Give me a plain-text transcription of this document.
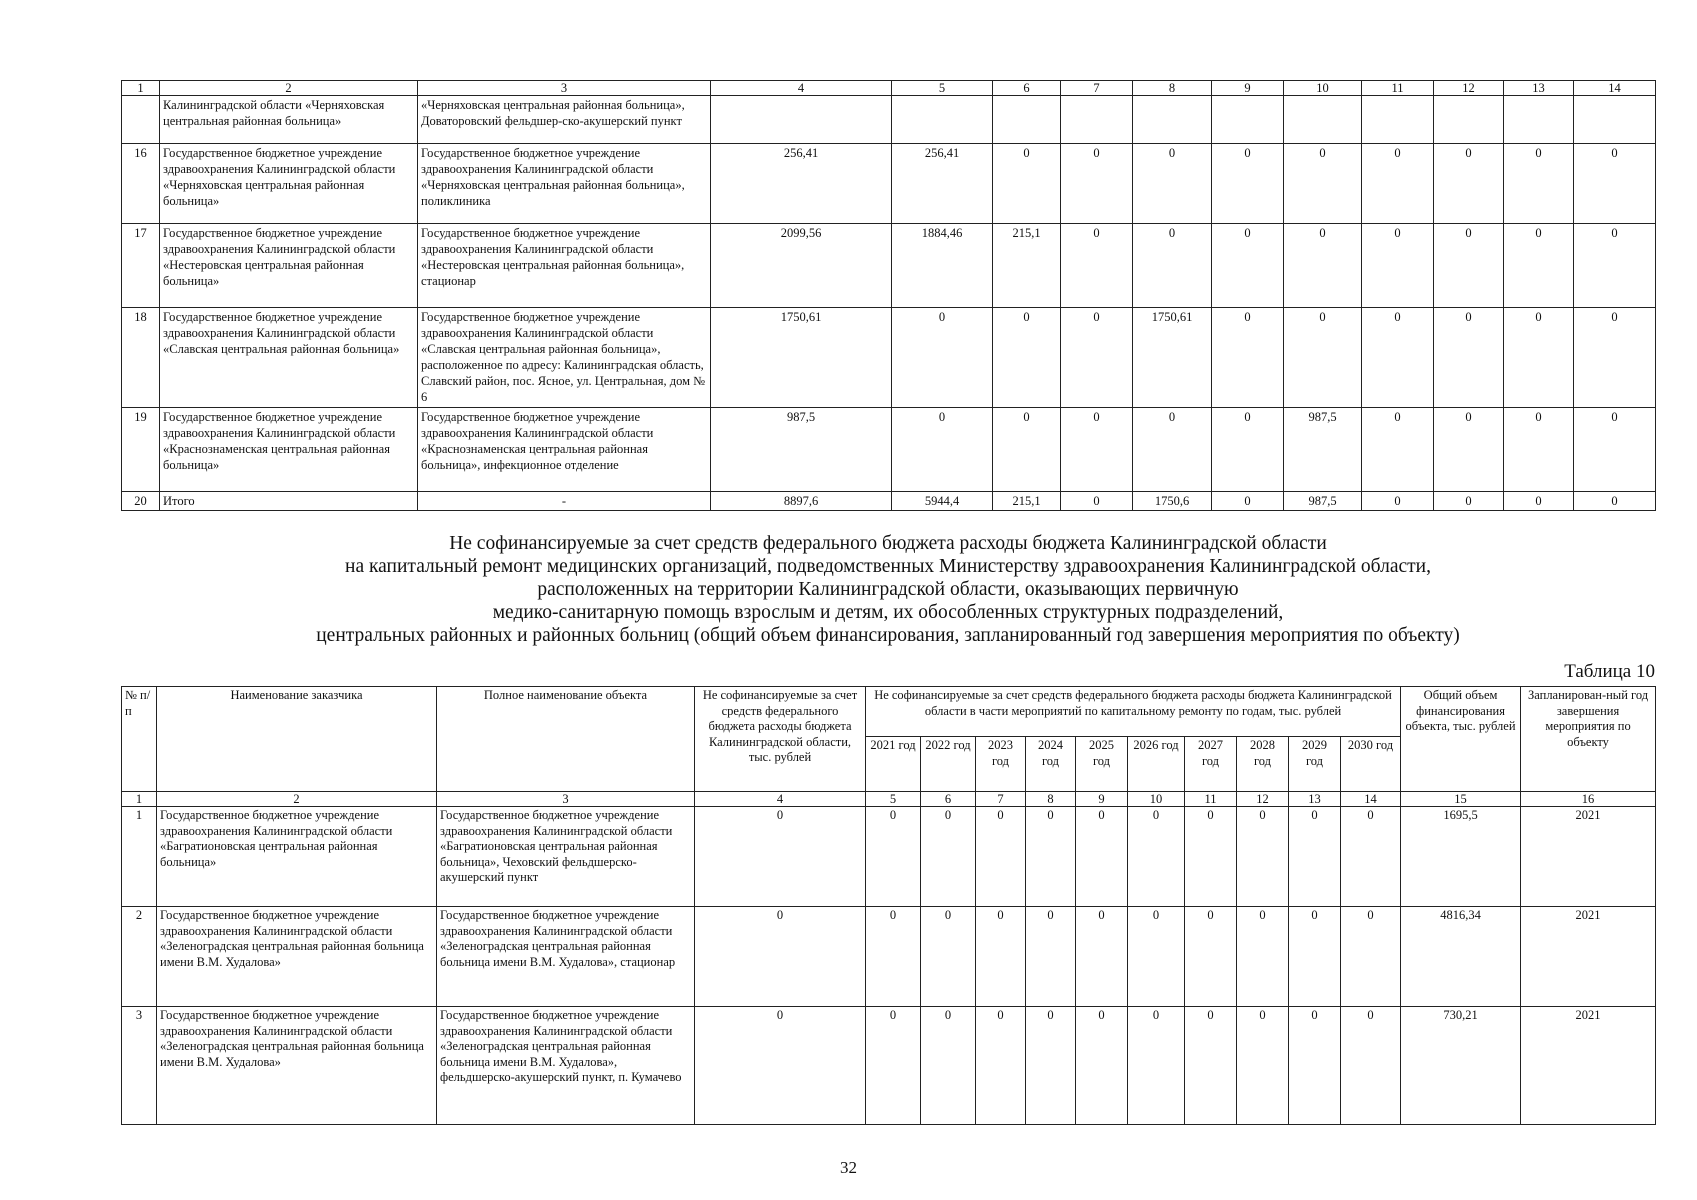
1	2	3	4	5	6	7	8	9	10	11	12	13	14
	Калининградской области «Черняховская центральная районная больница»	«Черняховская центральная районная больница», Доватоpовский фельдшер-ско-акушерский пункт											
16	Государственное бюджетное учреждение здравоохранения Калининградской области «Черняховская центральная районная больница»	Государственное бюджетное учреждение здравоохранения Калининградской области «Черняховская центральная районная больница», поликлиника	256,41	256,41	0	0	0	0	0	0	0	0	0
17	Государственное бюджетное учреждение здравоохранения Калининградской области «Нестеровская центральная районная больница»	Государственное бюджетное учреждение здравоохранения Калининградской области «Нестеровская центральная районная больница», стационар	2099,56	1884,46	215,1	0	0	0	0	0	0	0	0
18	Государственное бюджетное учреждение здравоохранения Калининградской области «Славская центральная районная больница»	Государственное бюджетное учреждение здравоохранения Калининградской области «Славская центральная районная больница», расположенное по адресу: Калининградская область, Славский район, пос. Ясное, ул. Центральная, дом № 6	1750,61	0	0	0	1750,61	0	0	0	0	0	0
19	Государственное бюджетное учреждение здравоохранения Калининградской области «Краснознаменская центральная районная больница»	Государственное бюджетное учреждение здравоохранения Калининградской области «Краснознаменская центральная районная больница», инфекционное отделение	987,5	0	0	0	0	0	987,5	0	0	0	0
20	Итого	-	8897,6	5944,4	215,1	0	1750,6	0	987,5	0	0	0	0
Не софинансируемые за счет средств федерального бюджета расходы бюджета Калининградской области
на капитальный ремонт медицинских организаций, подведомственных Министерству здравоохранения Калининградской области,
расположенных на территории Калининградской области, оказывающих первичную
медико-санитарную помощь взрослым и детям, их обособленных структурных подразделений,
центральных районных и районных больниц (общий объем финансирования, запланированный год завершения мероприятия по объекту)
Таблица 10
№ п/п	Наименование заказчика	Полное наименование объекта	Не софинансируемые за счет средств федерального бюджета расходы бюджета Калининградской области, тыс. рублей	Не софинансируемые за счет средств федерального бюджета расходы бюджета Калининградской области в части мероприятий по капитальному ремонту по годам, тыс. рублей										Общий объем финансирования объекта, тыс. рублей	Запланирован-ный год завершения мероприятия по объекту
				2021 год	2022 год	2023 год	2024 год	2025 год	2026 год	2027 год	2028 год	2029 год	2030 год		
1	2	3	4	5	6	7	8	9	10	11	12	13	14	15	16
1	Государственное бюджетное учреждение здравоохранения Калининградской области «Багратионовская центральная районная больница»	Государственное бюджетное учреждение здравоохранения Калининградской области «Багратионовская центральная районная больница», Чеховский фельдшерско-акушерский пункт	0	0	0	0	0	0	0	0	0	0	0	1695,5	2021
2	Государственное бюджетное учреждение здравоохранения Калининградской области «Зеленоградская центральная районная больница имени В.М. Худалова»	Государственное бюджетное учреждение здравоохранения Калининградской области «Зеленоградская центральная районная больница имени В.М. Худалова», стационар	0	0	0	0	0	0	0	0	0	0	0	4816,34	2021
3	Государственное бюджетное учреждение здравоохранения Калининградской области «Зеленоградская центральная районная больница имени В.М. Худалова»	Государственное бюджетное учреждение здравоохранения Калининградской области «Зеленоградская центральная районная больница имени В.М. Худалова», фельдшерско-акушерский пункт, п. Кумачево	0	0	0	0	0	0	0	0	0	0	0	730,21	2021
32
